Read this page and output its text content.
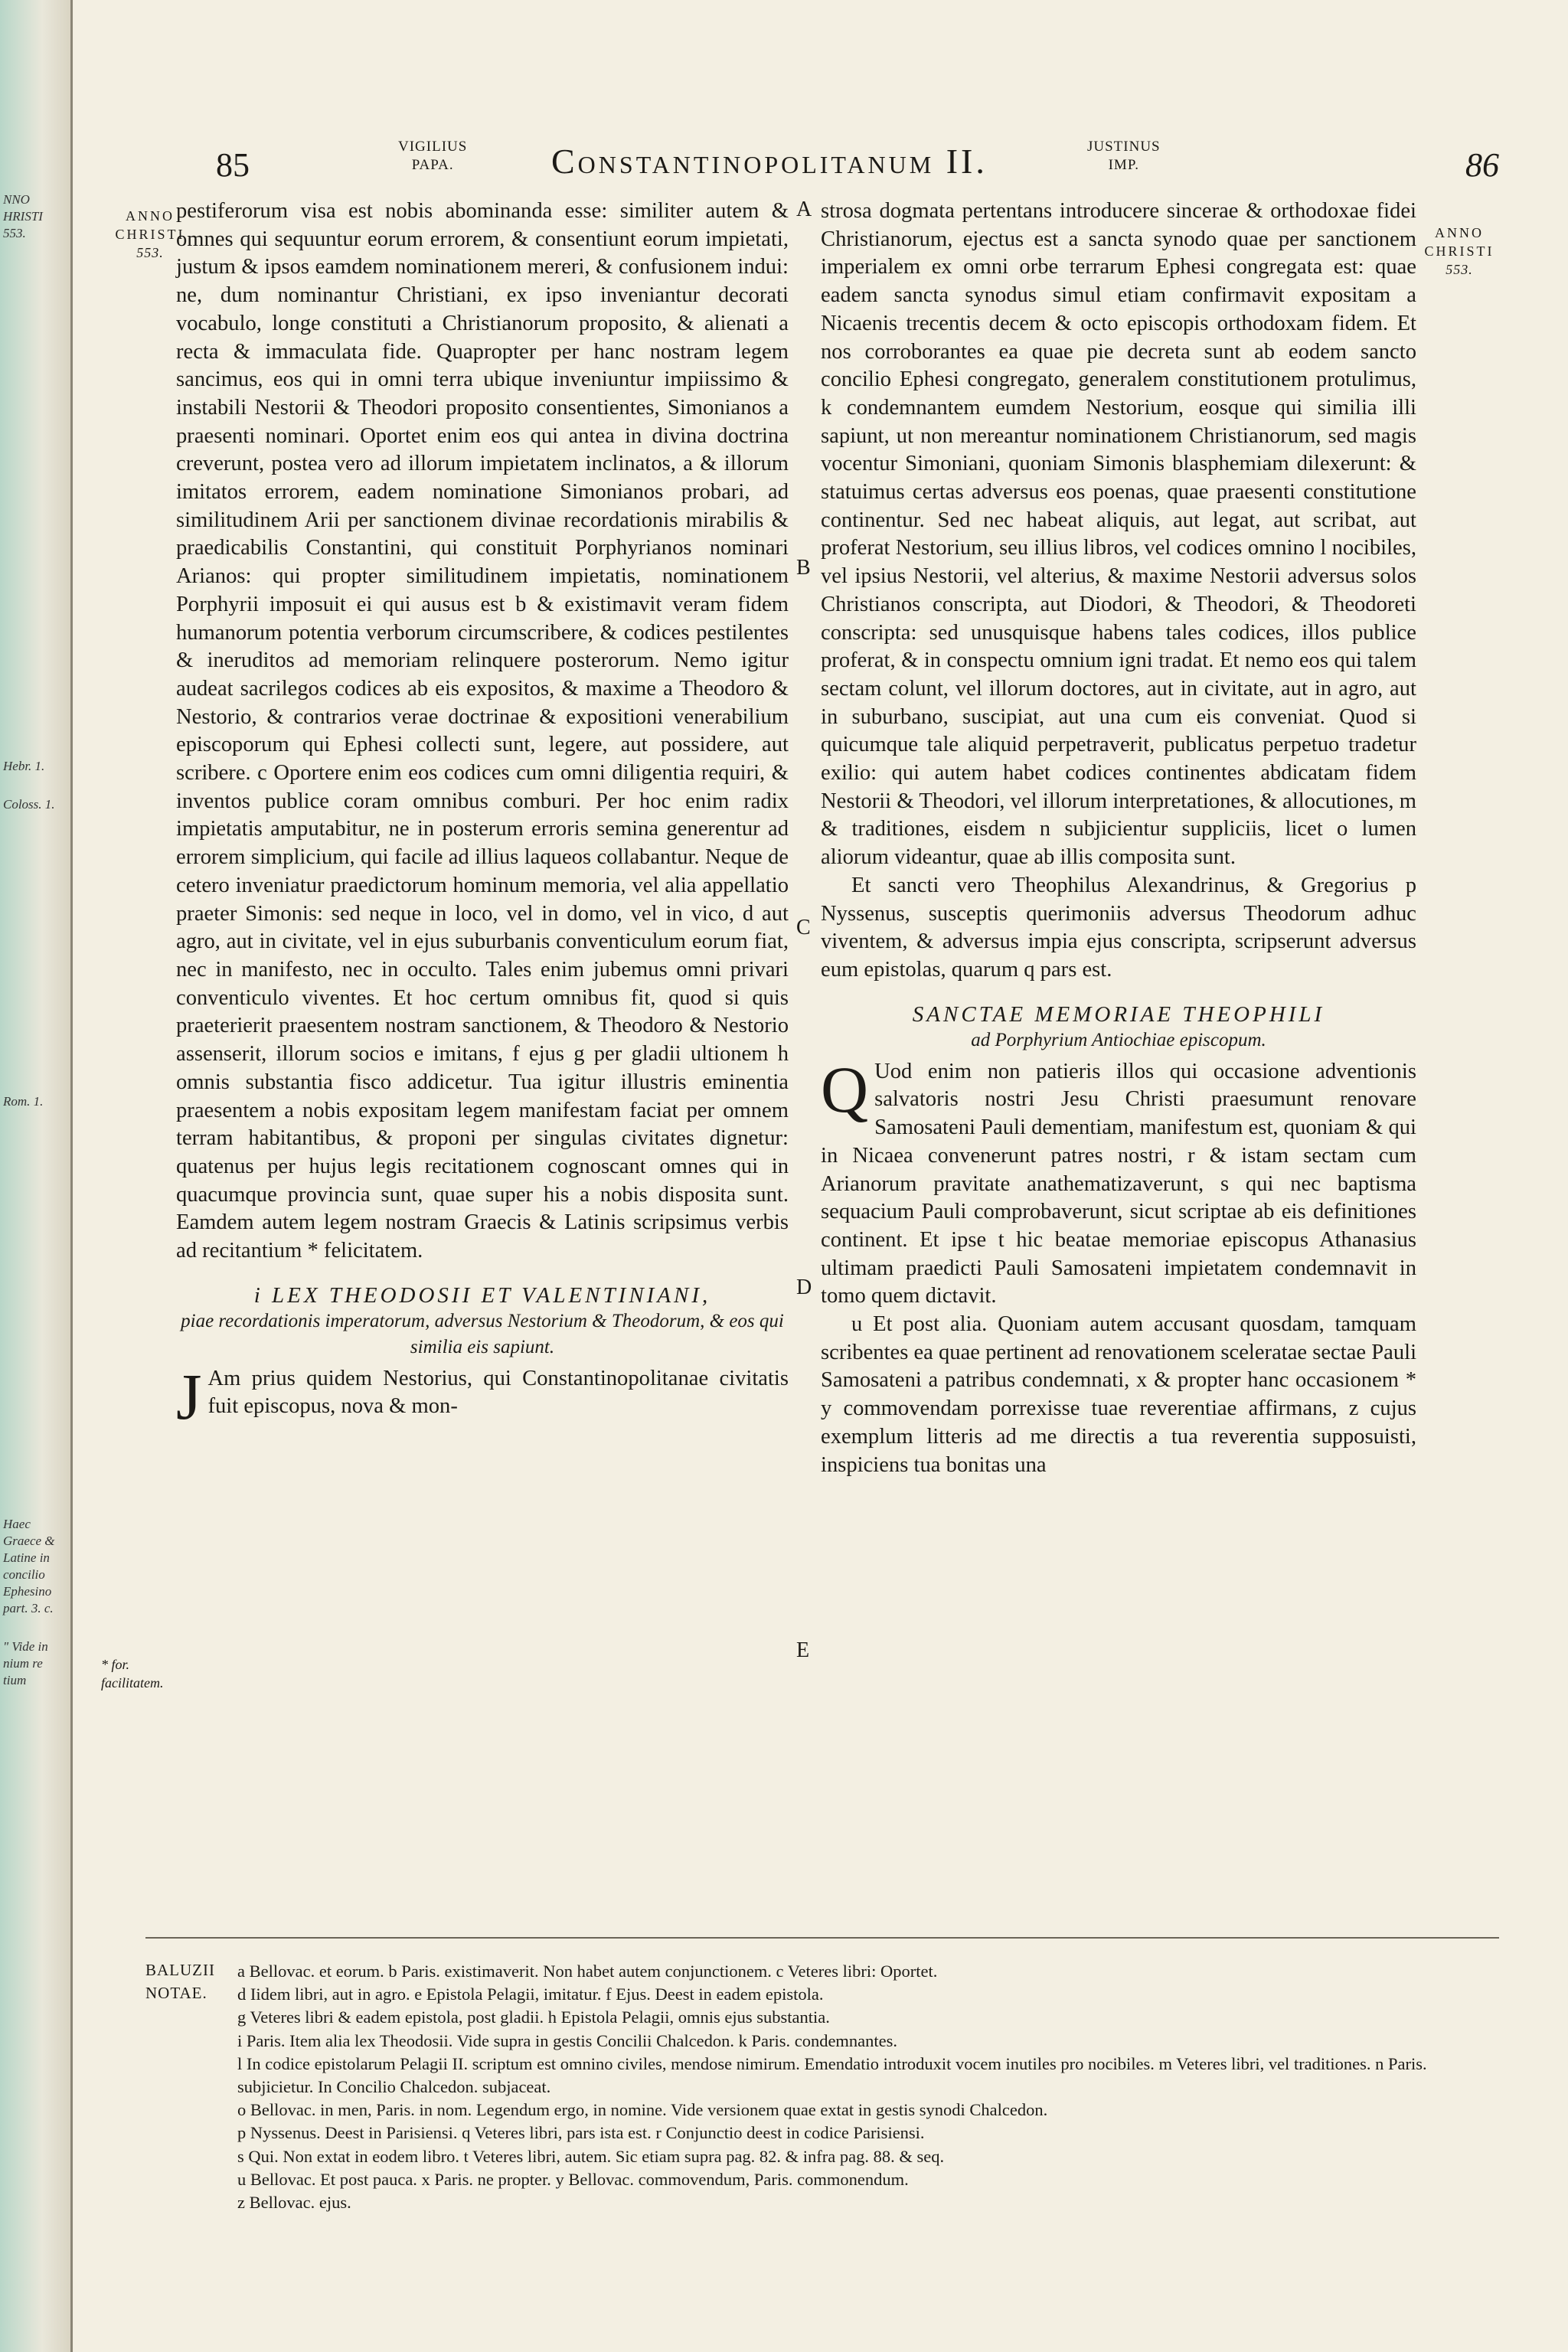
NNO
HRISTI
553.
Hebr. 1.
Coloss. 1.
Rom. 1.
Haec
Graece &
Latine in
concilio
Ephesino
part. 3. c.
" Vide in
nium re
tium
85	VIGILIUS
PAPA.	Constantinopolitanum II.	JUSTINUS
IMP.	86
ANNO
CHRISTI
553.
ANNO
CHRISTI
553.
A
B
C
D
E
* for. facilitatem.

pestiferorum visa est nobis abominanda esse: similiter autem & omnes qui sequuntur eorum errorem, & consentiunt eorum impietati, justum & ipsos eamdem nominationem mereri, & confusionem indui: ne, dum nominantur Christiani, ex ipso inveniantur decorati vocabulo, longe constituti a Christianorum proposito, & alienati a recta & immaculata fide. Quapropter per hanc nostram legem sancimus, eos qui in omni terra ubique inveniuntur impiissimo & instabili Nestorii & Theodori proposito consentientes, Simonianos a praesenti nominari. Oportet enim eos qui antea in divina doctrina creverunt, postea vero ad illorum impietatem inclinatos, a & illorum imitatos errorem, eadem nominatione Simonianos probari, ad similitudinem Arii per sanctionem divinae recordationis mirabilis & praedicabilis Constantini, qui constituit Porphyrianos nominari Arianos: qui propter similitudinem impietatis, nominationem Porphyrii imposuit ei qui ausus est b & existimavit veram fidem humanorum potentia verborum circumscribere, & codices pestilentes & ineruditos ad memoriam relinquere posterorum. Nemo igitur audeat sacrilegos codices ab eis expositos, & maxime a Theodoro & Nestorio, & contrarios verae doctrinae & expositioni venerabilium episcoporum qui Ephesi collecti sunt, legere, aut possidere, aut scribere. c Oportere enim eos codices cum omni diligentia requiri, & inventos publice coram omnibus comburi. Per hoc enim radix impietatis amputabitur, ne in posterum erroris semina generentur ad errorem simplicium, qui facile ad illius laqueos collabantur. Neque de cetero inveniatur praedictorum hominum memoria, vel alia appellatio praeter Simonis: sed neque in loco, vel in domo, vel in vico, d aut agro, aut in civitate, vel in ejus suburbanis conventiculum eorum fiat, nec in manifesto, nec in occulto. Tales enim jubemus omni privari conventiculo viventes. Et hoc certum omnibus fit, quod si quis praeterierit praesentem nostram sanctionem, & Theodoro & Nestorio assenserit, illorum socios e imitans, f ejus g per gladii ultionem h omnis substantia fisco addicetur. Tua igitur illustris eminentia praesentem a nobis expositam legem manifestam faciat per omnem terram habitantibus, & proponi per singulas civitates dignetur: quatenus per hujus legis recitationem cognoscant omnes qui in quacumque provincia sunt, quae super his a nobis disposita sunt. Eamdem autem legem nostram Graecis & Latinis scripsimus verbis ad recitantium * felicitatem.

i LEX THEODOSII ET VALENTINIANI,
piae recordationis imperatorum, adversus Nestorium & Theodorum, & eos qui similia eis sapiunt.

J Am prius quidem Nestorius, qui Constantinopolitanae civitatis fuit episcopus, nova & mon-

strosa dogmata pertentans introducere sincerae & orthodoxae fidei Christianorum, ejectus est a sancta synodo quae per sanctionem imperialem ex omni orbe terrarum Ephesi congregata est: quae eadem sancta synodus simul etiam confirmavit expositam a Nicaenis trecentis decem & octo episcopis orthodoxam fidem. Et nos corroborantes ea quae pie decreta sunt ab eodem sancto concilio Ephesi congregato, generalem constitutionem protulimus, k condemnantem eumdem Nestorium, eosque qui similia illi sapiunt, ut non mereantur nominationem Christianorum, sed magis vocentur Simoniani, quoniam Simonis blasphemiam dilexerunt: & statuimus certas adversus eos poenas, quae praesenti constitutione continentur. Sed nec habeat aliquis, aut legat, aut scribat, aut proferat Nestorium, seu illius libros, vel codices omnino l nocibiles, vel ipsius Nestorii, vel alterius, & maxime Nestorii adversus solos Christianos conscripta, aut Diodori, & Theodori, & Theodoreti conscripta: sed unusquisque habens tales codices, illos publice proferat, & in conspectu omnium igni tradat. Et nemo eos qui talem sectam colunt, vel illorum doctores, aut in civitate, aut in agro, aut in suburbano, suscipiat, aut una cum eis conveniat. Quod si quicumque tale aliquid perpetraverit, publicatus perpetuo tradetur exilio: qui autem habet codices continentes abdicatam fidem Nestorii & Theodori, vel illorum interpretationes, & allocutiones, m & traditiones, eisdem n subjicientur suppliciis, licet o lumen aliorum videantur, quae ab illis composita sunt.

Et sancti vero Theophilus Alexandrinus, & Gregorius p Nyssenus, susceptis querimoniis adversus Theodorum adhuc viventem, & adversus impia ejus conscripta, scripserunt adversus eum epistolas, quarum q pars est.

SANCTAE MEMORIAE THEOPHILI
ad Porphyrium Antiochiae episcopum.

Q Uod enim non patieris illos qui occasione adventionis salvatoris nostri Jesu Christi praesumunt renovare Samosateni Pauli dementiam, manifestum est, quoniam & qui in Nicaea convenerunt patres nostri, r & istam sectam cum Arianorum pravitate anathematizaverunt, s qui nec baptisma sequacium Pauli comprobaverunt, sicut scriptae ab eis definitiones continent. Et ipse t hic beatae memoriae episcopus Athanasius ultimam praedicti Pauli Samosateni impietatem condemnavit in tomo quem dictavit.

u Et post alia. Quoniam autem accusant quosdam, tamquam scribentes ea quae pertinent ad renovationem sceleratae sectae Pauli Samosateni a patribus condemnati, x & propter hanc occasionem * y commovendam porrexisse tuae reverentiae affirmans, z cujus exemplum litteris ad me directis a tua reverentia supposuisti, inspiciens tua bonitas una

BALUZII
NOTAE.
a Bellovac. et eorum. b Paris. existimaverit. Non habet autem conjunctionem. c Veteres libri: Oportet.
d Iidem libri, aut in agro. e Epistola Pelagii, imitatur. f Ejus. Deest in eadem epistola.
g Veteres libri & eadem epistola, post gladii. h Epistola Pelagii, omnis ejus substantia.
i Paris. Item alia lex Theodosii. Vide supra in gestis Concilii Chalcedon. k Paris. condemnantes.
l In codice epistolarum Pelagii II. scriptum est omnino civiles, mendose nimirum. Emendatio introduxit vocem inutiles pro nocibiles. m Veteres libri, vel traditiones. n Paris. subjicietur. In Concilio Chalcedon. subjaceat.
o Bellovac. in men, Paris. in nom. Legendum ergo, in nomine. Vide versionem quae extat in gestis synodi Chalcedon.
p Nyssenus. Deest in Parisiensi. q Veteres libri, pars ista est. r Conjunctio deest in codice Parisiensi.
s Qui. Non extat in eodem libro. t Veteres libri, autem. Sic etiam supra pag. 82. & infra pag. 88. & seq.
u Bellovac. Et post pauca. x Paris. ne propter. y Bellovac. commovendum, Paris. commonendum.
z Bellovac. ejus.
